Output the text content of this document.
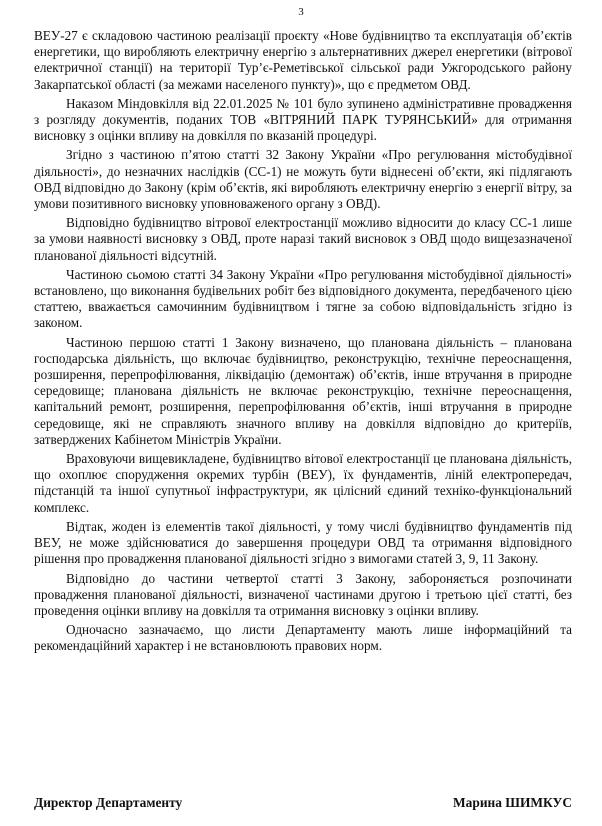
3

ВЕУ-27 є складовою частиною реалізації проєкту «Нове будівництво та експлуатація об’єктів енергетики, що виробляють електричну енергію з альтернативних джерел енергетики (вітрової електричної станції) на території Тур’є-Реметівської сільської ради Ужгородського району Закарпатської області (за межами населеного пункту)», що є предметом ОВД.

Наказом Міндовкілля від 22.01.2025 № 101 було зупинено адміністративне провадження з розгляду документів, поданих ТОВ «ВІТРЯНИЙ ПАРК ТУРЯНСЬКИЙ» для отримання висновку з оцінки впливу на довкілля по вказаній процедурі.

Згідно з частиною п’ятою статті 32 Закону України «Про регулювання містобудівної діяльності», до незначних наслідків (СС-1) не можуть бути віднесені об’єкти, які підлягають ОВД відповідно до Закону (крім об’єктів, які виробляють електричну енергію з енергії вітру, за умови позитивного висновку уповноваженого органу з ОВД).

Відповідно будівництво вітрової електростанції можливо відносити до класу СС-1 лише за умови наявності висновку з ОВД, проте наразі такий висновок з ОВД щодо вищезазначеної планованої діяльності відсутній.

Частиною сьомою статті 34 Закону України «Про регулювання містобудівної діяльності» встановлено, що виконання будівельних робіт без відповідного документа, передбаченого цією статтею, вважається самочинним будівництвом і тягне за собою відповідальність згідно із законом.

Частиною першою статті 1 Закону визначено, що планована діяльність – планована господарська діяльність, що включає будівництво, реконструкцію, технічне переоснащення, розширення, перепрофілювання, ліквідацію (демонтаж) об’єктів, інше втручання в природне середовище; планована діяльність не включає реконструкцію, технічне переоснащення, капітальний ремонт, розширення, перепрофілювання об’єктів, інші втручання в природне середовище, які не справляють значного впливу на довкілля відповідно до критеріїв, затверджених Кабінетом Міністрів України.

Враховуючи вищевикладене, будівництво вітової електростанції це планована діяльність, що охоплює спорудження окремих турбін (ВЕУ), їх фундаментів, ліній електропередач, підстанцій та іншої супутньої інфраструктури, як цілісний єдиний техніко-функціональний комплекс.

Відтак, жоден із елементів такої діяльності, у тому числі будівництво фундаментів під ВЕУ, не може здійснюватися до завершення процедури ОВД та отримання відповідного рішення про провадження планованої діяльності згідно з вимогами статей 3, 9, 11 Закону.

Відповідно до частини четвертої статті 3 Закону, забороняється розпочинати провадження планованої діяльності, визначеної частинами другою і третьою цієї статті, без проведення оцінки впливу на довкілля та отримання висновку з оцінки впливу.

Одночасно зазначаємо, що листи Департаменту мають лише інформаційний та рекомендаційний характер і не встановлюють правових норм.

Директор Департаменту	Марина ШИМКУС
